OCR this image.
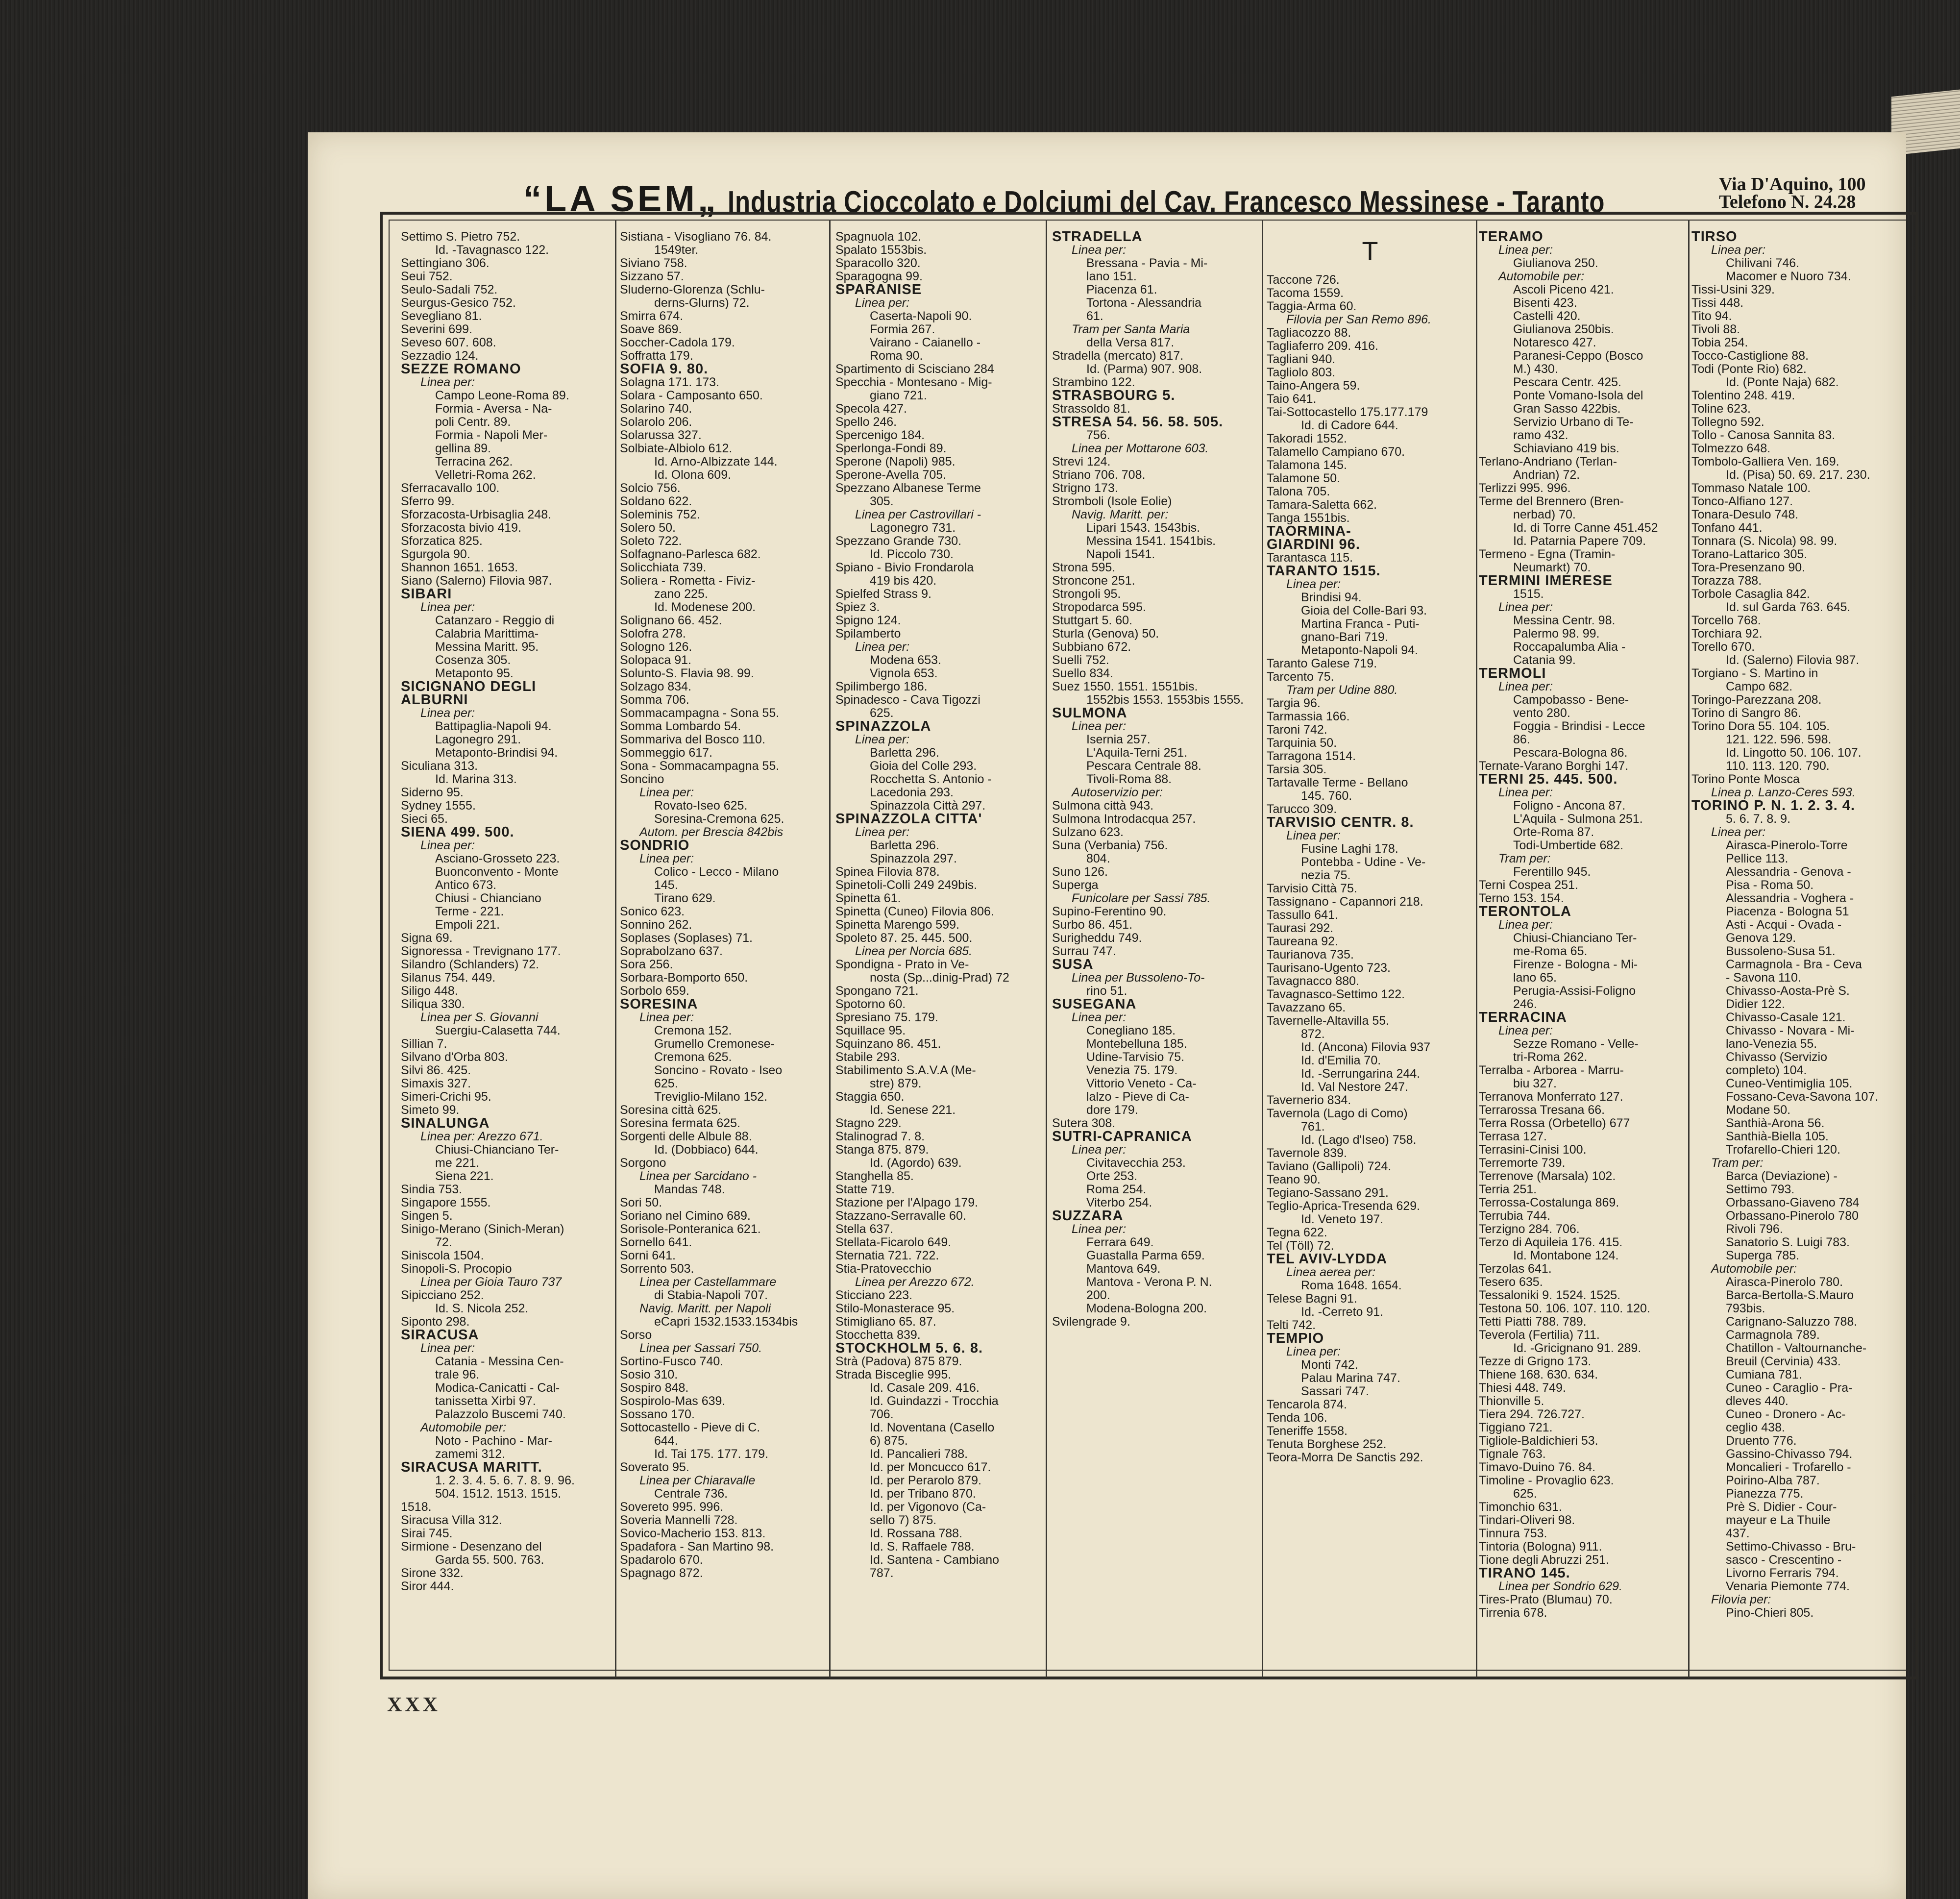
“LA SEM„ Industria Cioccolato e Dolciumi del Cav. Francesco Messinese - Taranto
Via D'Aquino, 100
Telefono N. 24.28
Settimo S. Pietro 752.
Id. -Tavagnasco 122.
Settingiano 306.
Seui 752.
Seulo-Sadali 752.
Seurgus-Gesico 752.
Sevegliano 81.
Severini 699.
Seveso 607. 608.
Sezzadio 124.
SEZZE ROMANO
Linea per:
Campo Leone-Roma 89.
Formia - Aversa - Na-
poli Centr. 89.
Formia - Napoli Mer-
gellina 89.
Terracina 262.
Velletri-Roma 262.
Sferracavallo 100.
Sferro 99.
Sforzacosta-Urbisaglia 248.
Sforzacosta bivio 419.
Sforzatica 825.
Sgurgola 90.
Shannon 1651. 1653.
Siano (Salerno) Filovia 987.
SIBARI
Linea per:
Catanzaro - Reggio di
Calabria Marittima-
Messina Maritt. 95.
Cosenza 305.
Metaponto 95.
SICIGNANO DEGLI
ALBURNI
Linea per:
Battipaglia-Napoli 94.
Lagonegro 291.
Metaponto-Brindisi 94.
Siculiana 313.
Id. Marina 313.
Siderno 95.
Sydney 1555.
Sieci 65.
SIENA 499. 500.
Linea per:
Asciano-Grosseto 223.
Buonconvento - Monte
Antico 673.
Chiusi - Chianciano
Terme - 221.
Empoli 221.
Signa 69.
Signoressa - Trevignano 177.
Silandro (Schlanders) 72.
Silanus 754. 449.
Siligo 448.
Siliqua 330.
Linea per S. Giovanni
Suergiu-Calasetta 744.
Sillian 7.
Silvano d'Orba 803.
Silvi 86. 425.
Simaxis 327.
Simeri-Crichi 95.
Simeto 99.
SINALUNGA
Linea per: Arezzo 671.
Chiusi-Chianciano Ter-
me 221.
Siena 221.
Sindia 753.
Singapore 1555.
Singen 5.
Sinigo-Merano (Sinich-Meran)
72.
Siniscola 1504.
Sinopoli-S. Procopio
Linea per Gioia Tauro 737
Sipicciano 252.
Id. S. Nicola 252.
Siponto 298.
SIRACUSA
Linea per:
Catania - Messina Cen-
trale 96.
Modica-Canicatti - Cal-
tanissetta Xirbi 97.
Palazzolo Buscemi 740.
Automobile per:
Noto - Pachino - Mar-
zamemi 312.
SIRACUSA MARITT.
1. 2. 3. 4. 5. 6. 7. 8. 9. 96.
504. 1512. 1513. 1515.
1518.
Siracusa Villa 312.
Sirai 745.
Sirmione - Desenzano del
Garda 55. 500. 763.
Sirone 332.
Siror 444.
Sistiana - Visogliano 76. 84.
1549ter.
Siviano 758.
Sizzano 57.
Sluderno-Glorenza (Schlu-
derns-Glurns) 72.
Smirra 674.
Soave 869.
Soccher-Cadola 179.
Soffratta 179.
SOFIA 9. 80.
Solagna 171. 173.
Solara - Camposanto 650.
Solarino 740.
Solarolo 206.
Solarussa 327.
Solbiate-Albiolo 612.
Id. Arno-Albizzate 144.
Id. Olona 609.
Solcio 756.
Soldano 622.
Soleminis 752.
Solero 50.
Soleto 722.
Solfagnano-Parlesca 682.
Solicchiata 739.
Soliera - Rometta - Fiviz-
zano 225.
Id. Modenese 200.
Solignano 66. 452.
Solofra 278.
Sologno 126.
Solopaca 91.
Solunto-S. Flavia 98. 99.
Solzago 834.
Somma 706.
Sommacampagna - Sona 55.
Somma Lombardo 54.
Sommariva del Bosco 110.
Sommeggio 617.
Sona - Sommacampagna 55.
Soncino
Linea per:
Rovato-Iseo 625.
Soresina-Cremona 625.
Autom. per Brescia 842bis
SONDRIO
Linea per:
Colico - Lecco - Milano
145.
Tirano 629.
Sonico 623.
Sonnino 262.
Soplases (Soplases) 71.
Soprabolzano 637.
Sora 256.
Sorbara-Bomporto 650.
Sorbolo 659.
SORESINA
Linea per:
Cremona 152.
Grumello Cremonese-
Cremona 625.
Soncino - Rovato - Iseo
625.
Treviglio-Milano 152.
Soresina città 625.
Soresina fermata 625.
Sorgenti delle Albule 88.
Id. (Dobbiaco) 644.
Sorgono
Linea per Sarcidano -
Mandas 748.
Sori 50.
Soriano nel Cimino 689.
Sorisole-Ponteranica 621.
Sornello 641.
Sorni 641.
Sorrento 503.
Linea per Castellammare
di Stabia-Napoli 707.
Navig. Maritt. per Napoli
eCapri 1532.1533.1534bis
Sorso
Linea per Sassari 750.
Sortino-Fusco 740.
Sosio 310.
Sospiro 848.
Sospirolo-Mas 639.
Sossano 170.
Sottocastello - Pieve di C.
644.
Id. Tai 175. 177. 179.
Soverato 95.
Linea per Chiaravalle
Centrale 736.
Sovereto 995. 996.
Soveria Mannelli 728.
Sovico-Macherio 153. 813.
Spadafora - San Martino 98.
Spadarolo 670.
Spagnago 872.
Spagnuola 102.
Spalato 1553bis.
Sparacollo 320.
Sparagogna 99.
SPARANISE
Linea per:
Caserta-Napoli 90.
Formia 267.
Vairano - Caianello -
Roma 90.
Spartimento di Scisciano 284
Specchia - Montesano - Mig-
giano 721.
Specola 427.
Spello 246.
Spercenigo 184.
Sperlonga-Fondi 89.
Sperone (Napoli) 985.
Sperone-Avella 705.
Spezzano Albanese Terme
305.
Linea per Castrovillari -
Lagonegro 731.
Spezzano Grande 730.
Id. Piccolo 730.
Spiano - Bivio Frondarola
419 bis 420.
Spielfed Strass 9.
Spiez 3.
Spigno 124.
Spilamberto
Linea per:
Modena 653.
Vignola 653.
Spilimbergo 186.
Spinadesco - Cava Tigozzi
625.
SPINAZZOLA
Linea per:
Barletta 296.
Gioia del Colle 293.
Rocchetta S. Antonio -
Lacedonia 293.
Spinazzola Città 297.
SPINAZZOLA CITTA'
Linea per:
Barletta 296.
Spinazzola 297.
Spinea Filovia 878.
Spinetoli-Colli 249 249bis.
Spinetta 61.
Spinetta (Cuneo) Filovia 806.
Spinetta Marengo 599.
Spoleto 87. 25. 445. 500.
Linea per Norcia 685.
Spondigna - Prato in Ve-
nosta (Sp...dinig-Prad) 72
Spongano 721.
Spotorno 60.
Spresiano 75. 179.
Squillace 95.
Squinzano 86. 451.
Stabile 293.
Stabilimento S.A.V.A (Me-
stre) 879.
Staggia 650.
Id. Senese 221.
Stagno 229.
Stalinograd 7. 8.
Stanga 875. 879.
Id. (Agordo) 639.
Stanghella 85.
Statte 719.
Stazione per l'Alpago 179.
Stazzano-Serravalle 60.
Stella 637.
Stellata-Ficarolo 649.
Sternatia 721. 722.
Stia-Pratovecchio
Linea per Arezzo 672.
Sticciano 223.
Stilo-Monasterace 95.
Stimigliano 65. 87.
Stocchetta 839.
STOCKHOLM 5. 6. 8.
Strà (Padova) 875 879.
Strada Bisceglie 995.
Id. Casale 209. 416.
Id. Guindazzi - Trocchia
706.
Id. Noventana (Casello
6) 875.
Id. Pancalieri 788.
Id. per Moncucco 617.
Id. per Perarolo 879.
Id. per Tribano 870.
Id. per Vigonovo (Ca-
sello 7) 875.
Id. Rossana 788.
Id. S. Raffaele 788.
Id. Santena - Cambiano
787.
STRADELLA
Linea per:
Bressana - Pavia - Mi-
lano 151.
Piacenza 61.
Tortona - Alessandria
61.
Tram per Santa Maria
della Versa 817.
Stradella (mercato) 817.
Id. (Parma) 907. 908.
Strambino 122.
STRASBOURG 5.
Strassoldo 81.
STRESA 54. 56. 58. 505.
756.
Linea per Mottarone 603.
Strevi 124.
Striano 706. 708.
Strigno 173.
Stromboli (Isole Eolie)
Navig. Maritt. per:
Lipari 1543. 1543bis.
Messina 1541. 1541bis.
Napoli 1541.
Strona 595.
Stroncone 251.
Strongoli 95.
Stropodarca 595.
Stuttgart 5. 60.
Sturla (Genova) 50.
Subbiano 672.
Suelli 752.
Suello 834.
Suez 1550. 1551. 1551bis.
1552bis 1553. 1553bis 1555.
SULMONA
Linea per:
Isernia 257.
L'Aquila-Terni 251.
Pescara Centrale 88.
Tivoli-Roma 88.
Autoservizio per:
Sulmona città 943.
Sulmona Introdacqua 257.
Sulzano 623.
Suna (Verbania) 756.
804.
Suno 126.
Superga
Funicolare per Sassi 785.
Supino-Ferentino 90.
Surbo 86. 451.
Surigheddu 749.
Surrau 747.
SUSA
Linea per Bussoleno-To-
rino 51.
SUSEGANA
Linea per:
Conegliano 185.
Montebelluna 185.
Udine-Tarvisio 75.
Venezia 75. 179.
Vittorio Veneto - Ca-
lalzo - Pieve di Ca-
dore 179.
Sutera 308.
SUTRI-CAPRANICA
Linea per:
Civitavecchia 253.
Orte 253.
Roma 254.
Viterbo 254.
SUZZARA
Linea per:
Ferrara 649.
Guastalla Parma 659.
Mantova 649.
Mantova - Verona P. N.
200.
Modena-Bologna 200.
Svilengrade 9.
T
Taccone 726.
Tacoma 1559.
Taggia-Arma 60.
Filovia per San Remo 896.
Tagliacozzo 88.
Tagliaferro 209. 416.
Tagliani 940.
Tagliolo 803.
Taino-Angera 59.
Taio 641.
Tai-Sottocastello 175.177.179
Id. di Cadore 644.
Takoradi 1552.
Talamello Campiano 670.
Talamona 145.
Talamone 50.
Talona 705.
Tamara-Saletta 662.
Tanga 1551bis.
TAORMINA-
GIARDINI 96.
Tarantasca 115.
TARANTO 1515.
Linea per:
Brindisi 94.
Gioia del Colle-Bari 93.
Martina Franca - Puti-
gnano-Bari 719.
Metaponto-Napoli 94.
Taranto Galese 719.
Tarcento 75.
Tram per Udine 880.
Targia 96.
Tarmassia 166.
Taroni 742.
Tarquinia 50.
Tarragona 1514.
Tarsia 305.
Tartavalle Terme - Bellano
145. 760.
Tarucco 309.
TARVISIO CENTR. 8.
Linea per:
Fusine Laghi 178.
Pontebba - Udine - Ve-
nezia 75.
Tarvisio Città 75.
Tassignano - Capannori 218.
Tassullo 641.
Taurasi 292.
Taureana 92.
Taurianova 735.
Taurisano-Ugento 723.
Tavagnacco 880.
Tavagnasco-Settimo 122.
Tavazzano 65.
Tavernelle-Altavilla 55.
872.
Id. (Ancona) Filovia 937
Id. d'Emilia 70.
Id. -Serrungarina 244.
Id. Val Nestore 247.
Tavernerio 834.
Tavernola (Lago di Como)
761.
Id. (Lago d'Iseo) 758.
Tavernole 839.
Taviano (Gallipoli) 724.
Teano 90.
Tegiano-Sassano 291.
Teglio-Aprica-Tresenda 629.
Id. Veneto 197.
Tegna 622.
Tel (Töll) 72.
TEL AVIV-LYDDA
Linea aerea per:
Roma 1648. 1654.
Telese Bagni 91.
Id. -Cerreto 91.
Telti 742.
TEMPIO
Linea per:
Monti 742.
Palau Marina 747.
Sassari 747.
Tencarola 874.
Tenda 106.
Teneriffe 1558.
Tenuta Borghese 252.
Teora-Morra De Sanctis 292.
TERAMO
Linea per:
Giulianova 250.
Automobile per:
Ascoli Piceno 421.
Bisenti 423.
Castelli 420.
Giulianova 250bis.
Notaresco 427.
Paranesi-Ceppo (Bosco
M.) 430.
Pescara Centr. 425.
Ponte Vomano-Isola del
Gran Sasso 422bis.
Servizio Urbano di Te-
ramo 432.
Schiaviano 419 bis.
Terlano-Andriano (Terlan-
Andrian) 72.
Terlizzi 995. 996.
Terme del Brennero (Bren-
nerbad) 70.
Id. di Torre Canne 451.452
Id. Patarnia Papere 709.
Termeno - Egna (Tramin-
Neumarkt) 70.
TERMINI IMERESE
1515.
Linea per:
Messina Centr. 98.
Palermo 98. 99.
Roccapalumba Alia -
Catania 99.
TERMOLI
Linea per:
Campobasso - Bene-
vento 280.
Foggia - Brindisi - Lecce
86.
Pescara-Bologna 86.
Ternate-Varano Borghi 147.
TERNI 25. 445. 500.
Linea per:
Foligno - Ancona 87.
L'Aquila - Sulmona 251.
Orte-Roma 87.
Todi-Umbertide 682.
Tram per:
Ferentillo 945.
Terni Cospea 251.
Terno 153. 154.
TERONTOLA
Linea per:
Chiusi-Chianciano Ter-
me-Roma 65.
Firenze - Bologna - Mi-
lano 65.
Perugia-Assisi-Foligno
246.
TERRACINA
Linea per:
Sezze Romano - Velle-
tri-Roma 262.
Terralba - Arborea - Marru-
biu 327.
Terranova Monferrato 127.
Terrarossa Tresana 66.
Terra Rossa (Orbetello) 677
Terrasa 127.
Terrasini-Cinisi 100.
Terremorte 739.
Terrenove (Marsala) 102.
Terria 251.
Terrossa-Costalunga 869.
Terrubia 744.
Terzigno 284. 706.
Terzo di Aquileia 176. 415.
Id. Montabone 124.
Terzolas 641.
Tesero 635.
Tessaloniki 9. 1524. 1525.
Testona 50. 106. 107. 110. 120.
Tetti Piatti 788. 789.
Teverola (Fertilia) 711.
Id. -Gricignano 91. 289.
Tezze di Grigno 173.
Thiene 168. 630. 634.
Thiesi 448. 749.
Thionville 5.
Tiera 294. 726.727.
Tiggiano 721.
Tigliole-Baldichieri 53.
Tignale 763.
Timavo-Duino 76. 84.
Timoline - Provaglio 623.
625.
Timonchio 631.
Tindari-Oliveri 98.
Tinnura 753.
Tintoria (Bologna) 911.
Tione degli Abruzzi 251.
TIRANO 145.
Linea per Sondrio 629.
Tires-Prato (Blumau) 70.
Tirrenia 678.
TIRSO
Linea per:
Chilivani 746.
Macomer e Nuoro 734.
Tissi-Usini 329.
Tissi 448.
Tito 94.
Tivoli 88.
Tobia 254.
Tocco-Castiglione 88.
Todi (Ponte Rio) 682.
Id. (Ponte Naja) 682.
Tolentino 248. 419.
Toline 623.
Tollegno 592.
Tollo - Canosa Sannita 83.
Tolmezzo 648.
Tombolo-Galliera Ven. 169.
Id. (Pisa) 50. 69. 217. 230.
Tommaso Natale 100.
Tonco-Alfiano 127.
Tonara-Desulo 748.
Tonfano 441.
Tonnara (S. Nicola) 98. 99.
Torano-Lattarico 305.
Tora-Presenzano 90.
Torazza 788.
Torbole Casaglia 842.
Id. sul Garda 763. 645.
Torcello 768.
Torchiara 92.
Torello 670.
Id. (Salerno) Filovia 987.
Torgiano - S. Martino in
Campo 682.
Toringo-Parezzana 208.
Torino di Sangro 86.
Torino Dora 55. 104. 105.
121. 122. 596. 598.
Id. Lingotto 50. 106. 107.
110. 113. 120. 790.
Torino Ponte Mosca
Linea p. Lanzo-Ceres 593.
TORINO P. N. 1. 2. 3. 4.
5. 6. 7. 8. 9.
Linea per:
Airasca-Pinerolo-Torre
Pellice 113.
Alessandria - Genova -
Pisa - Roma 50.
Alessandria - Voghera -
Piacenza - Bologna 51
Asti - Acqui - Ovada -
Genova 129.
Bussoleno-Susa 51.
Carmagnola - Bra - Ceva
- Savona 110.
Chivasso-Aosta-Prè S.
Didier 122.
Chivasso-Casale 121.
Chivasso - Novara - Mi-
lano-Venezia 55.
Chivasso (Servizio
completo) 104.
Cuneo-Ventimiglia 105.
Fossano-Ceva-Savona 107.
Modane 50.
Santhià-Arona 56.
Santhià-Biella 105.
Trofarello-Chieri 120.
Tram per:
Barca (Deviazione) -
Settimo 793.
Orbassano-Giaveno 784
Orbassano-Pinerolo 780
Rivoli 796.
Sanatorio S. Luigi 783.
Superga 785.
Automobile per:
Airasca-Pinerolo 780.
Barca-Bertolla-S.Mauro
793bis.
Carignano-Saluzzo 788.
Carmagnola 789.
Chatillon - Valtournanche-
Breuil (Cervinia) 433.
Cumiana 781.
Cuneo - Caraglio - Pra-
dleves 440.
Cuneo - Dronero - Ac-
ceglio 438.
Druento 776.
Gassino-Chivasso 794.
Moncalieri - Trofarello -
Poirino-Alba 787.
Pianezza 775.
Prè S. Didier - Cour-
mayeur e La Thuile
437.
Settimo-Chivasso - Bru-
sasco - Crescentino -
Livorno Ferraris 794.
Venaria Piemonte 774.
Filovia per:
Pino-Chieri 805.
XXX
